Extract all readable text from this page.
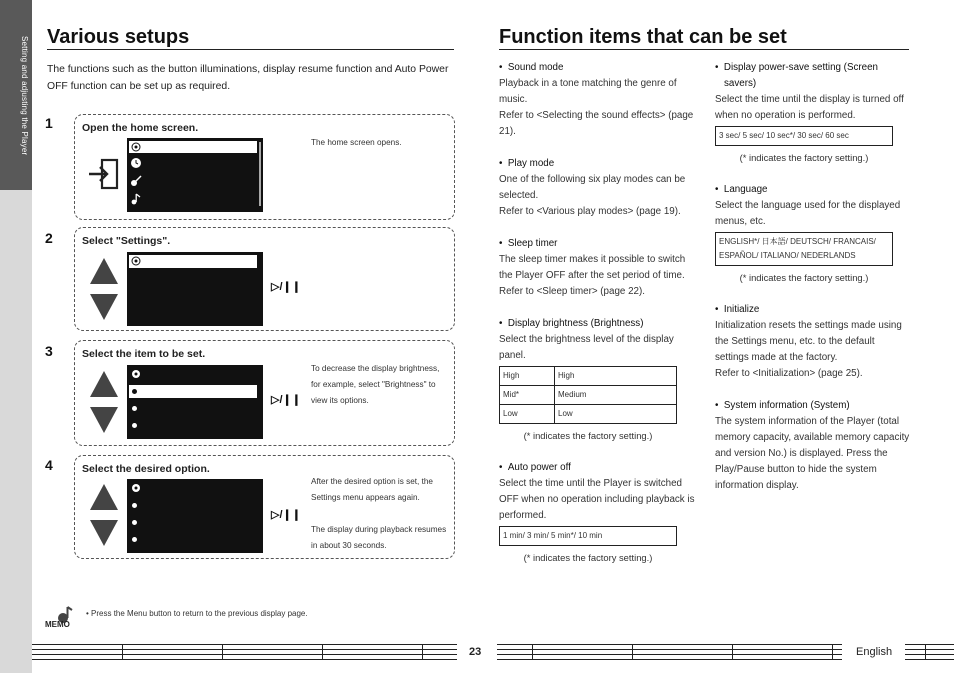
Setting and adjusting the Player Various setups
The functions such as the button illuminations, display resume function and Auto Power OFF function can be set up as required.
1	Open the home screen.
The home screen opens.
2	Select "Settings".
▷/❙❙
3	Select the item to be set.
▷/❙❙
To decrease the display brightness, for example, select "Brightness" to view its options.
4	Select the desired option.
▷/❙❙
After the desired option is set, the Settings menu appears again.
The display during playback resumes in about 30 seconds.
MEMO
• Press the Menu button to return to the previous display page.
Function items that can be set

• Sound mode

Playback in a tone matching the genre of music.

Refer to <Selecting the sound effects> (page 21).

• Play mode

One of the following six play modes can be selected.

Refer to <Various play modes> (page 19).

• Sleep timer

The sleep timer makes it possible to switch the Player OFF after the set period of time.

Refer to <Sleep timer> (page 22).

• Display brightness (Brightness)

Select the brightness level of the display panel.

High	High
Mid*	Medium
Low	Low

(* indicates the factory setting.)

• Auto power off

Select the time until the Player is switched OFF when no operation including playback is performed.

1 min/ 3 min/ 5 min*/ 10 min

(* indicates the factory setting.)

• Display power-save setting (Screen savers)

Select the time until the display is turned off when no operation is performed.

3 sec/ 5 sec/ 10 sec*/ 30 sec/ 60 sec

(* indicates the factory setting.)

• Language

Select the language used for the displayed menus, etc.

ENGLISH*/ 日本語/ DEUTSCH/ FRANCAIS/
ESPAÑOL/ ITALIANO/ NEDERLANDS

(* indicates the factory setting.)

• Initialize

Initialization resets the settings made using the Settings menu, etc. to the default settings made at the factory.

Refer to <Initialization> (page 25).

• System information (System)

The system information of the Player (total memory capacity, available memory capacity and version No.) is displayed. Press the Play/Pause button to hide the system information display.

23	English
